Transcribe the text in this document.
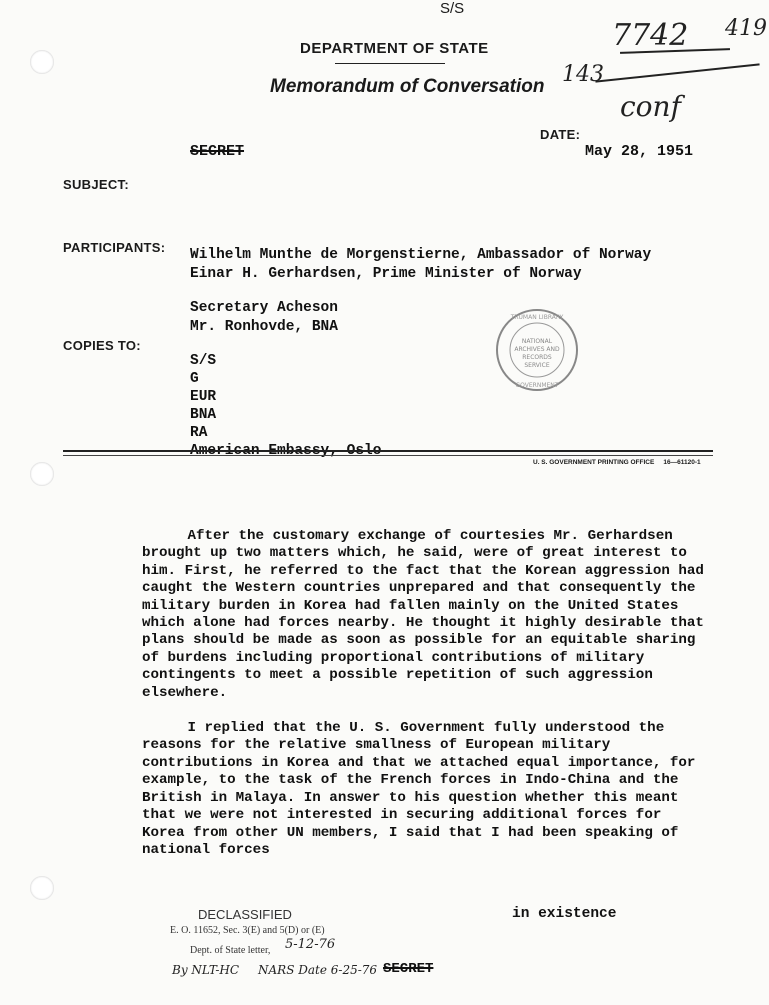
S/S
DEPARTMENT OF STATE
Memorandum of Conversation
7742 419
143
conf
SECRET
DATE:
May 28, 1951
SUBJECT:
PARTICIPANTS: Wilhelm Munthe de Morgenstierne, Ambassador of Norway
Einar H. Gerhardsen, Prime Minister of Norway
Secretary Acheson
Mr. Ronhovde, BNA
COPIES TO:
S/S
G
EUR
BNA
RA
American Embassy, Oslo
NATIONAL
ARCHIVES AND
RECORDS
SERVICE
TRUMAN LIBRARY
GOVERNMENT
U. S. GOVERNMENT PRINTING OFFICE     16—61120-1

After the customary exchange of courtesies Mr. Gerhardsen brought up two matters which, he said, were of great interest to him. First, he referred to the fact that the Korean aggression had caught the Western countries unprepared and that consequently the military burden in Korea had fallen mainly on the United States which alone had forces nearby. He thought it highly desirable that plans should be made as soon as possible for an equitable sharing of burdens including proportional contributions of military contingents to meet a possible repetition of such aggression elsewhere.

I replied that the U. S. Government fully understood the reasons for the relative smallness of European military contributions in Korea and that we attached equal importance, for example, to the task of the French forces in Indo-China and the British in Malaya. In answer to his question whether this meant that we were not interested in securing additional forces for Korea from other UN members, I said that I had been speaking of national forces

in existence
DECLASSIFIED
E. O. 11652, Sec. 3(E) and 5(D) or (E)
Dept. of State letter, 5-12-76
By NLT-HC NARS Date 6-25-76 SECRET
